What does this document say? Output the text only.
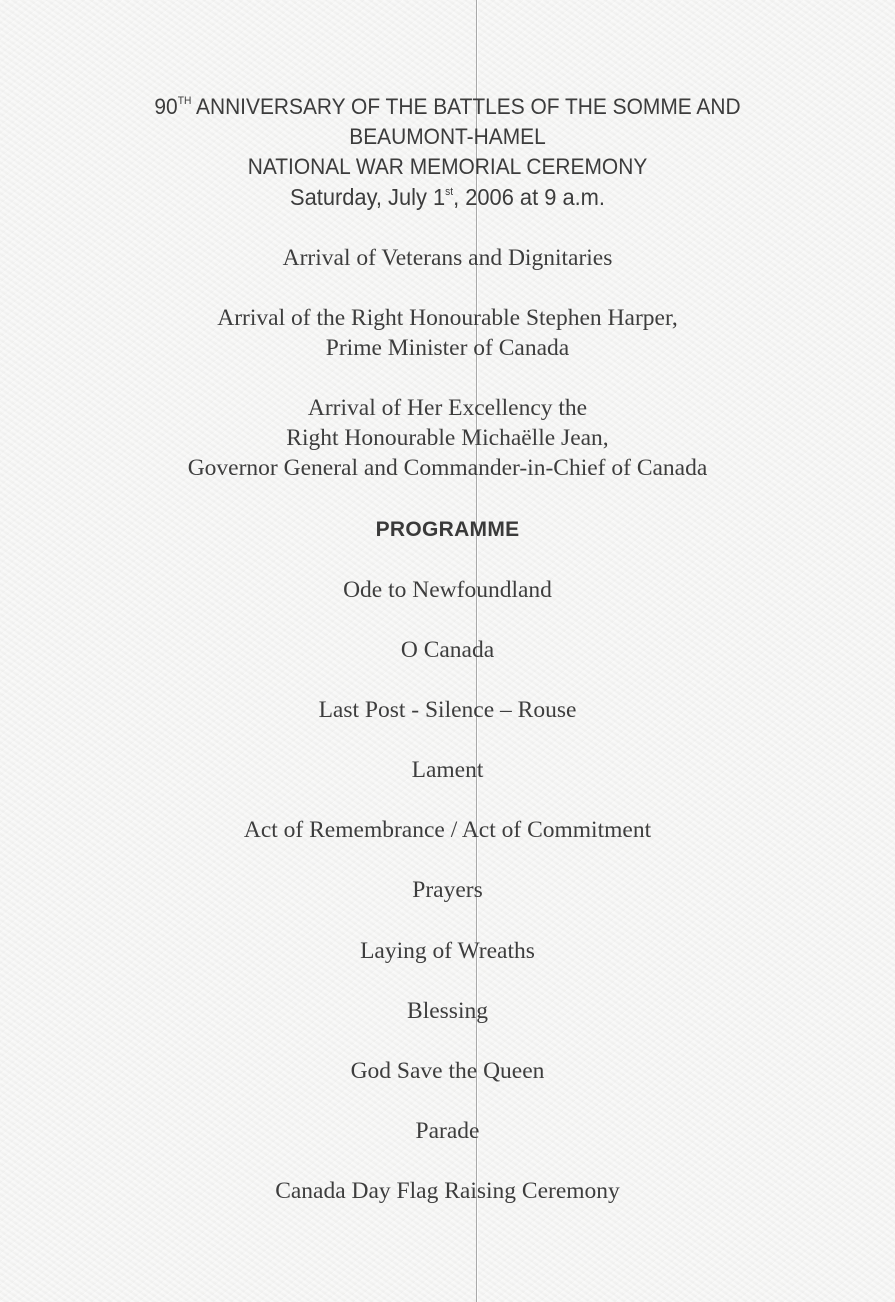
90TH ANNIVERSARY OF THE BATTLES OF THE SOMME AND
BEAUMONT-HAMEL
NATIONAL WAR MEMORIAL CEREMONY
Saturday, July 1st, 2006 at 9 a.m.
Arrival of Veterans and Dignitaries
Arrival of the Right Honourable Stephen Harper,
Prime Minister of Canada
Arrival of Her Excellency the
Right Honourable Michaëlle Jean,
Governor General and Commander-in-Chief of Canada
PROGRAMME
Ode to Newfoundland
O Canada
Last Post - Silence – Rouse
Lament
Act of Remembrance / Act of Commitment
Prayers
Laying of Wreaths
Blessing
God Save the Queen
Parade
Canada Day Flag Raising Ceremony
